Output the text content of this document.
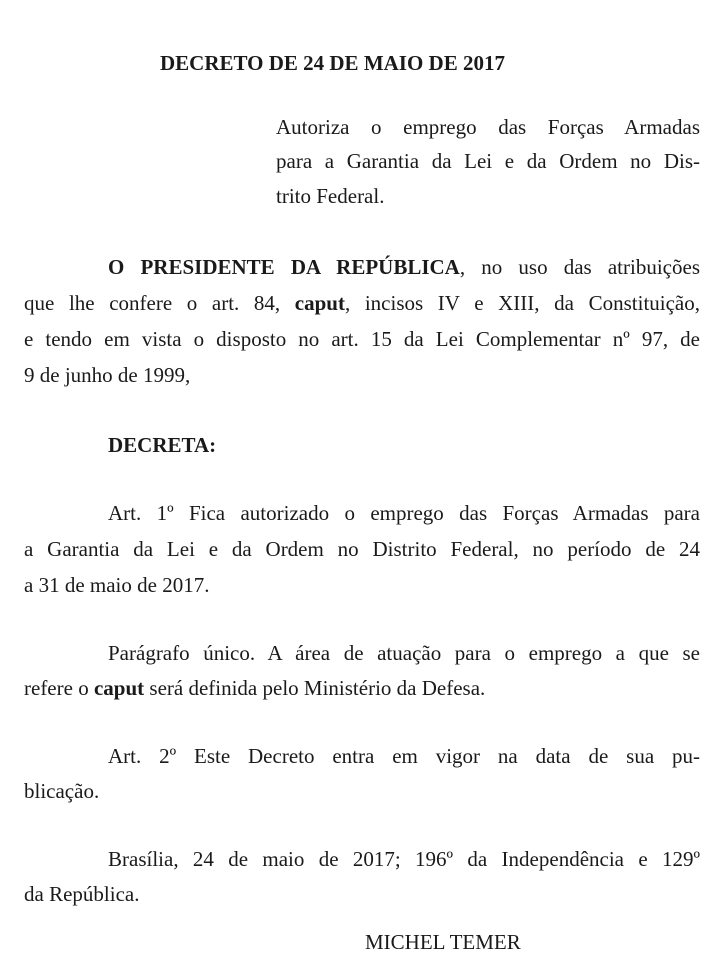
DECRETO DE 24 DE MAIO DE 2017
Autoriza o emprego das Forças Armadas
para a Garantia da Lei e da Ordem no Dis-
trito Federal.
O PRESIDENTE DA REPÚBLICA, no uso das atribuições
que lhe confere o art. 84, caput, incisos IV e XIII, da Constituição,
e tendo em vista o disposto no art. 15 da Lei Complementar nº 97, de
9 de junho de 1999,
DECRETA:
Art. 1º Fica autorizado o emprego das Forças Armadas para
a Garantia da Lei e da Ordem no Distrito Federal, no período de 24
a 31 de maio de 2017.
Parágrafo único. A área de atuação para o emprego a que se
refere o caput será definida pelo Ministério da Defesa.
Art. 2º Este Decreto entra em vigor na data de sua pu-
blicação.
Brasília, 24 de maio de 2017; 196º da Independência e 129º
da República.
MICHEL TEMER
